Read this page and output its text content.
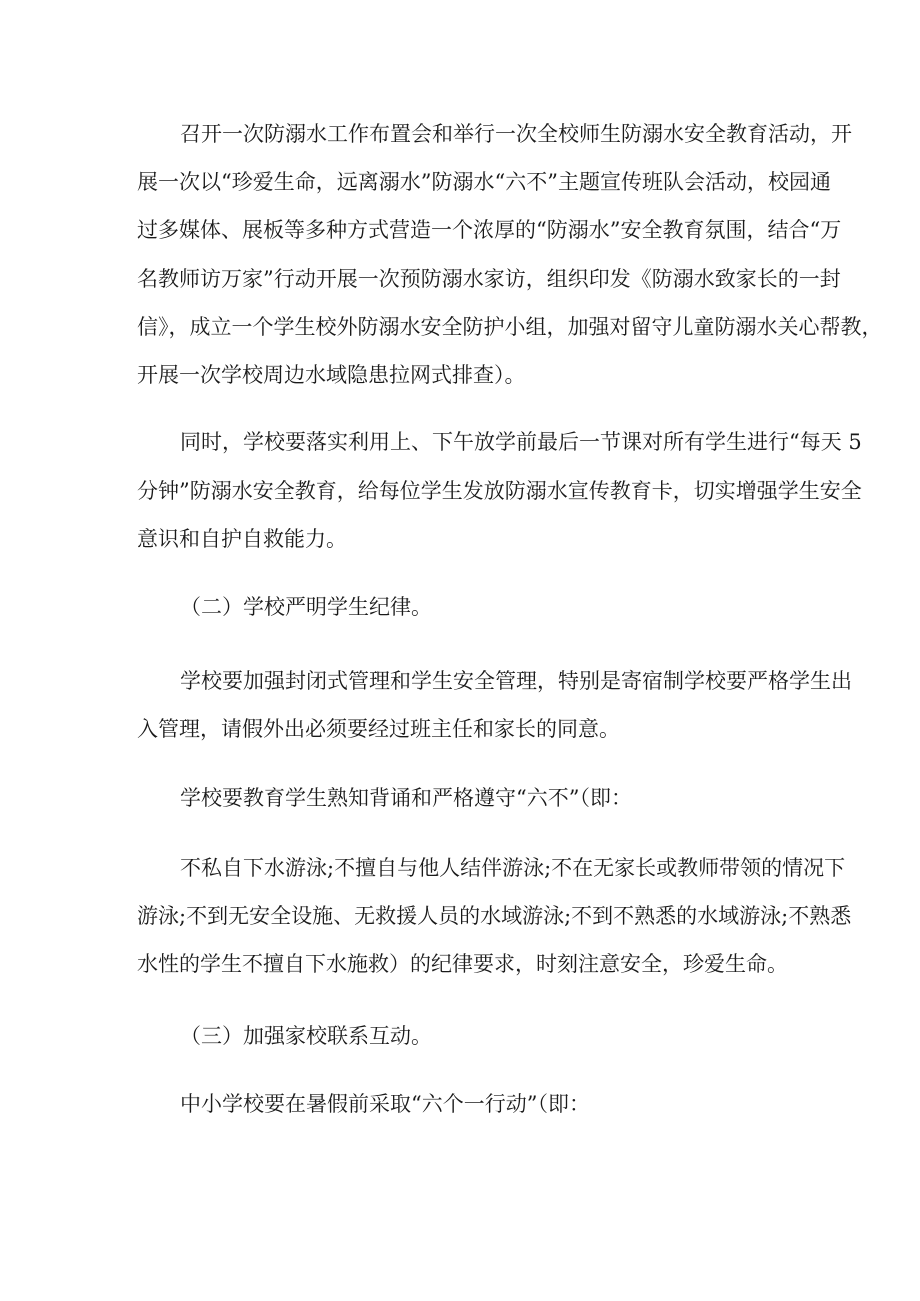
召开一次防溺水工作布置会和举行一次全校师生防溺水安全教育活动，开
展一次以“珍爱生命，远离溺水”防溺水“六不”主题宣传班队会活动，校园通
过多媒体、展板等多种方式营造一个浓厚的“防溺水”安全教育氛围，结合“万
名教师访万家”行动开展一次预防溺水家访，组织印发《防溺水致家长的一封
信》，成立一个学生校外防溺水安全防护小组，加强对留守儿童防溺水关心帮教，
开展一次学校周边水域隐患拉网式排查）。
同时，学校要落实利用上、下午放学前最后一节课对所有学生进行“每天 5
分钟”防溺水安全教育，给每位学生发放防溺水宣传教育卡，切实增强学生安全
意识和自护自救能力。
（二）学校严明学生纪律。
学校要加强封闭式管理和学生安全管理，特别是寄宿制学校要严格学生出
入管理，请假外出必须要经过班主任和家长的同意。
学校要教育学生熟知背诵和严格遵守“六不”（即：
不私自下水游泳;不擅自与他人结伴游泳;不在无家长或教师带领的情况下
游泳;不到无安全设施、无救援人员的水域游泳;不到不熟悉的水域游泳;不熟悉
水性的学生不擅自下水施救）的纪律要求，时刻注意安全，珍爱生命。
（三）加强家校联系互动。
中小学校要在暑假前采取“六个一行动”（即：
